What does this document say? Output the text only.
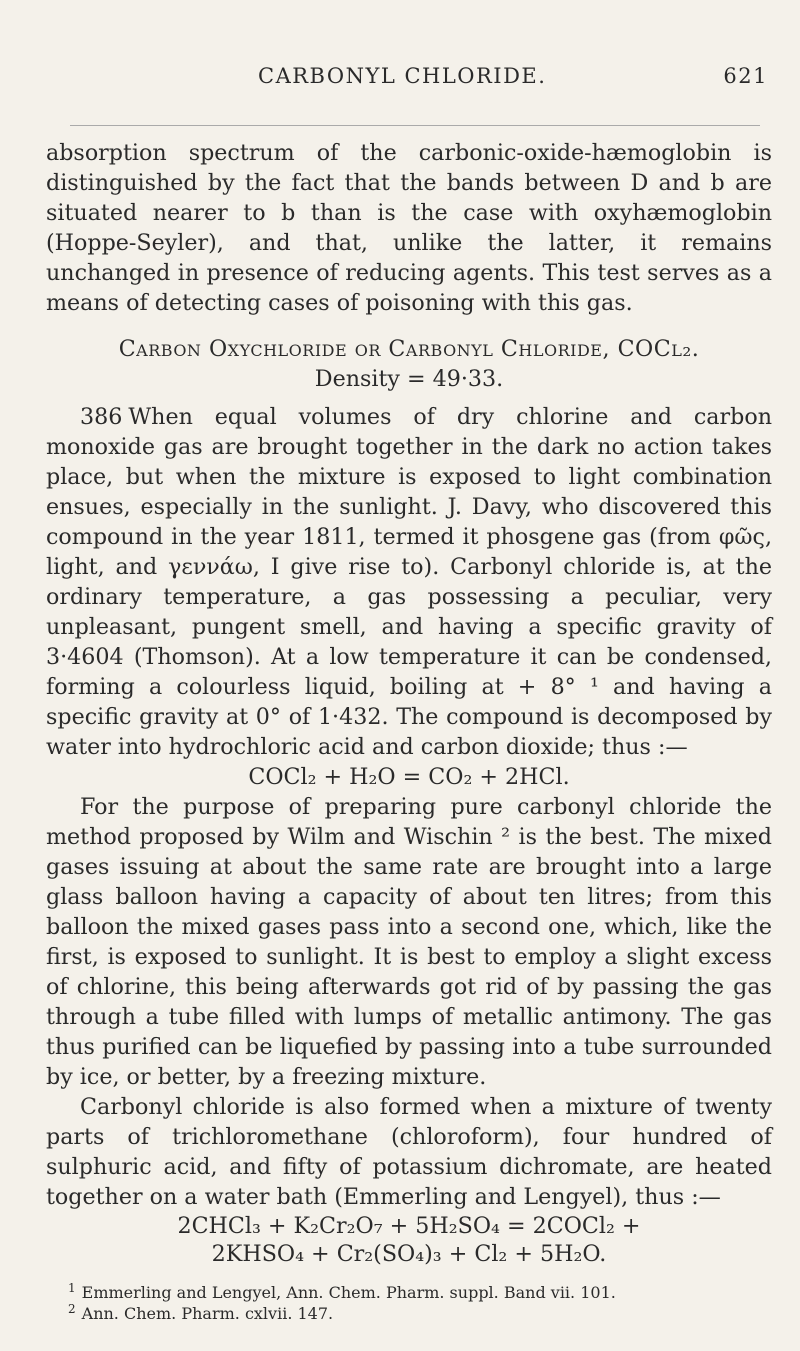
CARBONYL CHLORIDE.	621

absorption spectrum of the carbonic-oxide-hæmoglobin is distinguished by the fact that the bands between D and b are situated nearer to b than is the case with oxyhæmoglobin (Hoppe-Seyler), and that, unlike the latter, it remains unchanged in presence of reducing agents. This test serves as a means of detecting cases of poisoning with this gas.

Carbon Oxychloride or Carbonyl Chloride, COCl₂.

Density = 49·33.

386 When equal volumes of dry chlorine and carbon monoxide gas are brought together in the dark no action takes place, but when the mixture is exposed to light combination ensues, especially in the sunlight. J. Davy, who discovered this compound in the year 1811, termed it phosgene gas (from φῶς, light, and γεννάω, I give rise to). Carbonyl chloride is, at the ordinary temperature, a gas possessing a peculiar, very unpleasant, pungent smell, and having a specific gravity of 3·4604 (Thomson). At a low temperature it can be condensed, forming a colourless liquid, boiling at + 8° ¹ and having a specific gravity at 0° of 1·432. The compound is decomposed by water into hydrochloric acid and carbon dioxide; thus :—

COCl₂ + H₂O = CO₂ + 2HCl.

For the purpose of preparing pure carbonyl chloride the method proposed by Wilm and Wischin ² is the best. The mixed gases issuing at about the same rate are brought into a large glass balloon having a capacity of about ten litres; from this balloon the mixed gases pass into a second one, which, like the first, is exposed to sunlight. It is best to employ a slight excess of chlorine, this being afterwards got rid of by passing the gas through a tube filled with lumps of metallic antimony. The gas thus purified can be liquefied by passing into a tube surrounded by ice, or better, by a freezing mixture.

Carbonyl chloride is also formed when a mixture of twenty parts of trichloromethane (chloroform), four hundred of sulphuric acid, and fifty of potassium dichromate, are heated together on a water bath (Emmerling and Lengyel), thus :—

2CHCl₃ + K₂Cr₂O₇ + 5H₂SO₄ = 2COCl₂ +

2KHSO₄ + Cr₂(SO₄)₃ + Cl₂ + 5H₂O.

$^1$ Emmerling and Lengyel, Ann. Chem. Pharm. suppl. Band vii. 101.

$^2$ Ann. Chem. Pharm. cxlvii. 147.
